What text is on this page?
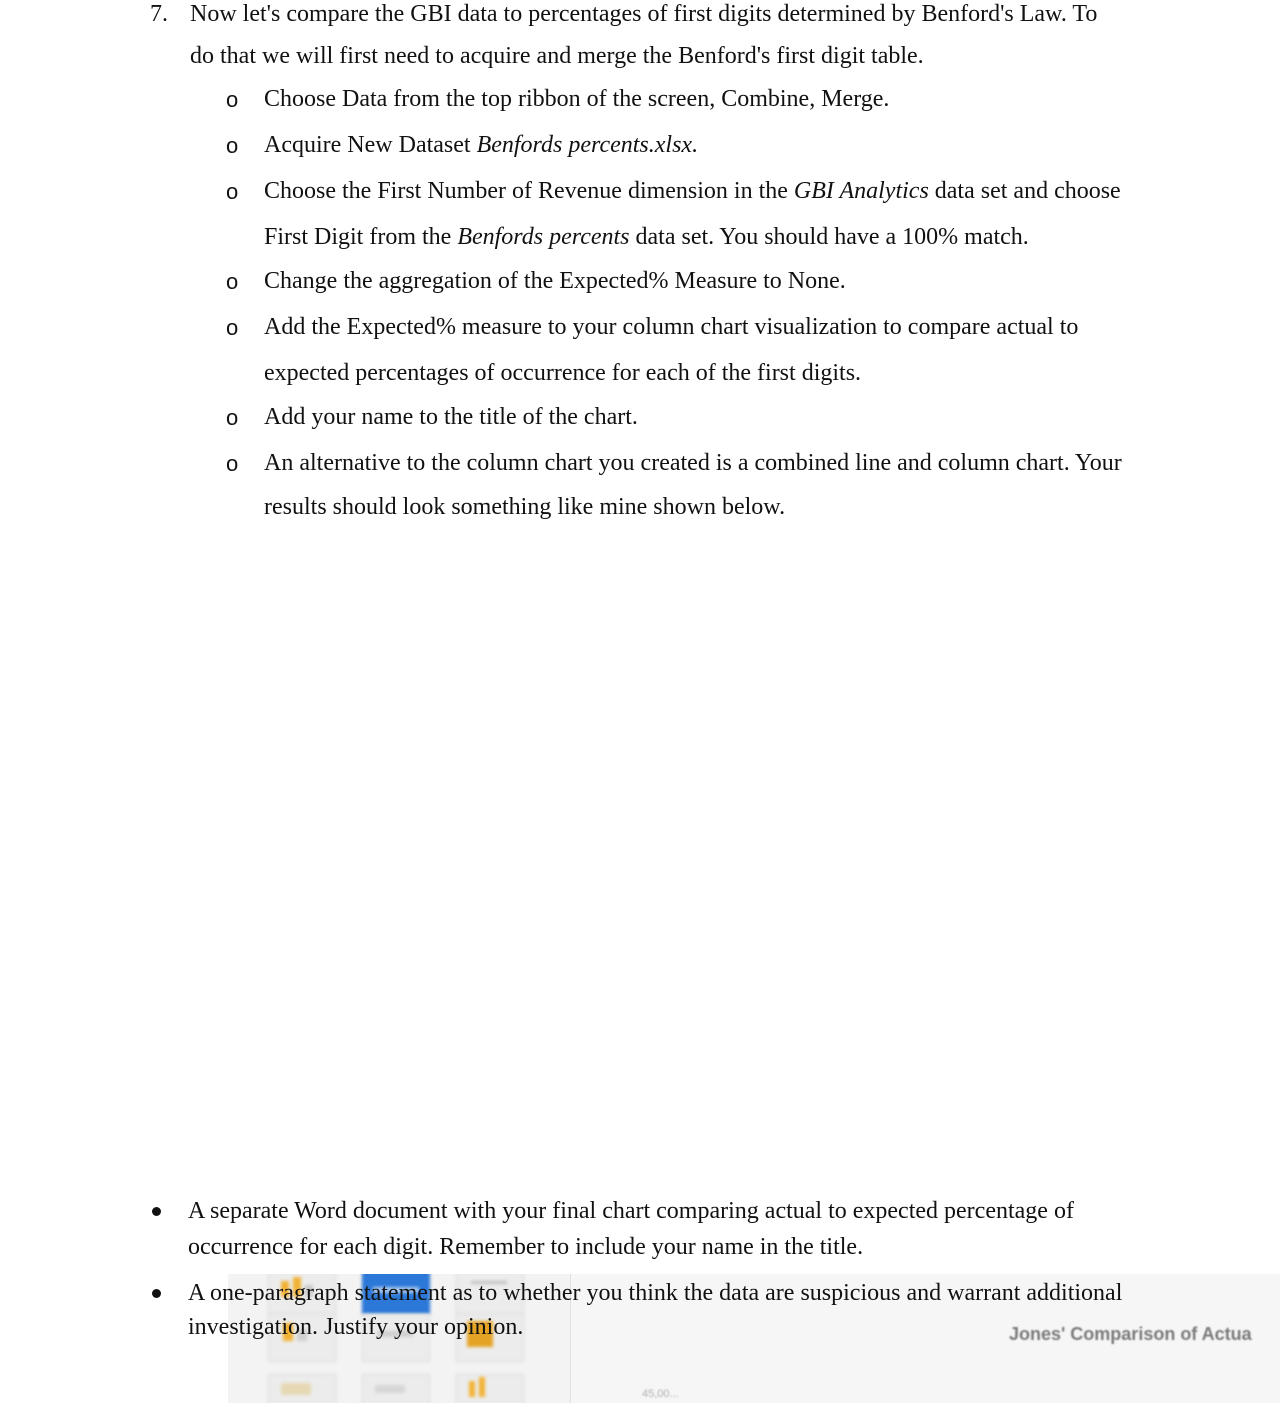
Jones' Comparison of Actua
45,00...
7. Now let's compare the GBI data to percentages of first digits determined by Benford's Law. To
do that we will first need to acquire and merge the Benford's first digit table.
o Choose Data from the top ribbon of the screen, Combine, Merge.
o Acquire New Dataset Benfords percents.xlsx.
o Choose the First Number of Revenue dimension in the GBI Analytics data set and choose
First Digit from the Benfords percents data set. You should have a 100% match.
o Change the aggregation of the Expected% Measure to None.
o Add the Expected% measure to your column chart visualization to compare actual to
expected percentages of occurrence for each of the first digits.
o Add your name to the title of the chart.
o An alternative to the column chart you created is a combined line and column chart. Your
results should look something like mine shown below.
A separate Word document with your final chart comparing actual to expected percentage of
occurrence for each digit. Remember to include your name in the title.
A one-paragraph statement as to whether you think the data are suspicious and warrant additional
investigation. Justify your opinion.
